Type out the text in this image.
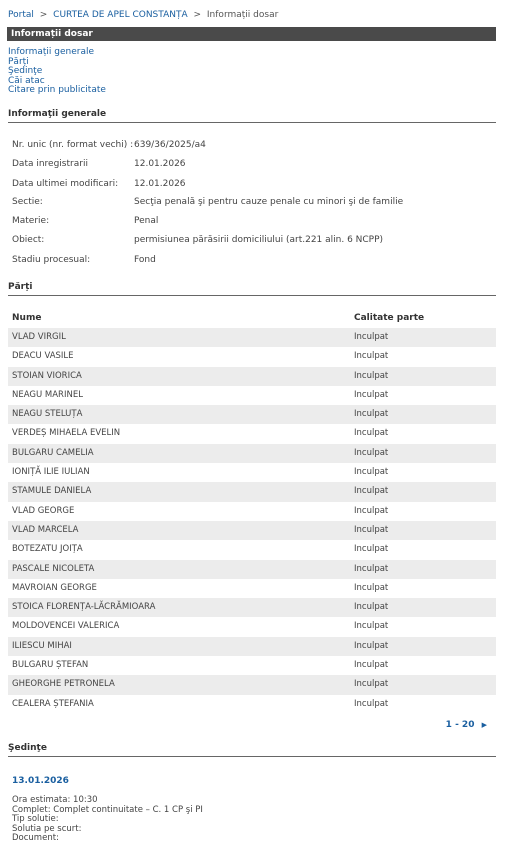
Portal > CURTEA DE APEL CONSTANȚA > Informații dosar
Informații dosar
Informații generale
Părți
Şedinţe
Căi atac
Citare prin publicitate
Informaţii generale
Nr. unic (nr. format vechi) : 639/36/2025/a4
Data inregistrarii	12.01.2026
Data ultimei modificari:	12.01.2026
Sectie:	Secţia penală şi pentru cauze penale cu minori şi de familie
Materie:	Penal
Obiect:	permisiunea părăsirii domiciliului (art.221 alin. 6 NCPP)
Stadiu procesual:	Fond
Părți
Nume	Calitate parte
VLAD VIRGIL	Inculpat
DEACU VASILE	Inculpat
STOIAN VIORICA	Inculpat
NEAGU MARINEL	Inculpat
NEAGU STELUȚA	Inculpat
VERDEȘ MIHAELA EVELIN	Inculpat
BULGARU CAMELIA	Inculpat
IONIȚĂ ILIE IULIAN	Inculpat
STAMULE DANIELA	Inculpat
VLAD GEORGE	Inculpat
VLAD MARCELA	Inculpat
BOTEZATU JOIȚA	Inculpat
PASCALE NICOLETA	Inculpat
MAVROIAN GEORGE	Inculpat
STOICA FLORENȚA-LĂCRĂMIOARA	Inculpat
MOLDOVENCEI VALERICA	Inculpat
ILIESCU MIHAI	Inculpat
BULGARU ȘTEFAN	Inculpat
GHEORGHE PETRONELA	Inculpat
CEALERA ȘTEFANIA	Inculpat
1 - 20 ▶
Şedinţe
13.01.2026
Ora estimata: 10:30
Complet: Complet continuitate – C. 1 CP şi PI
Tip solutie:
Solutia pe scurt:
Document:
